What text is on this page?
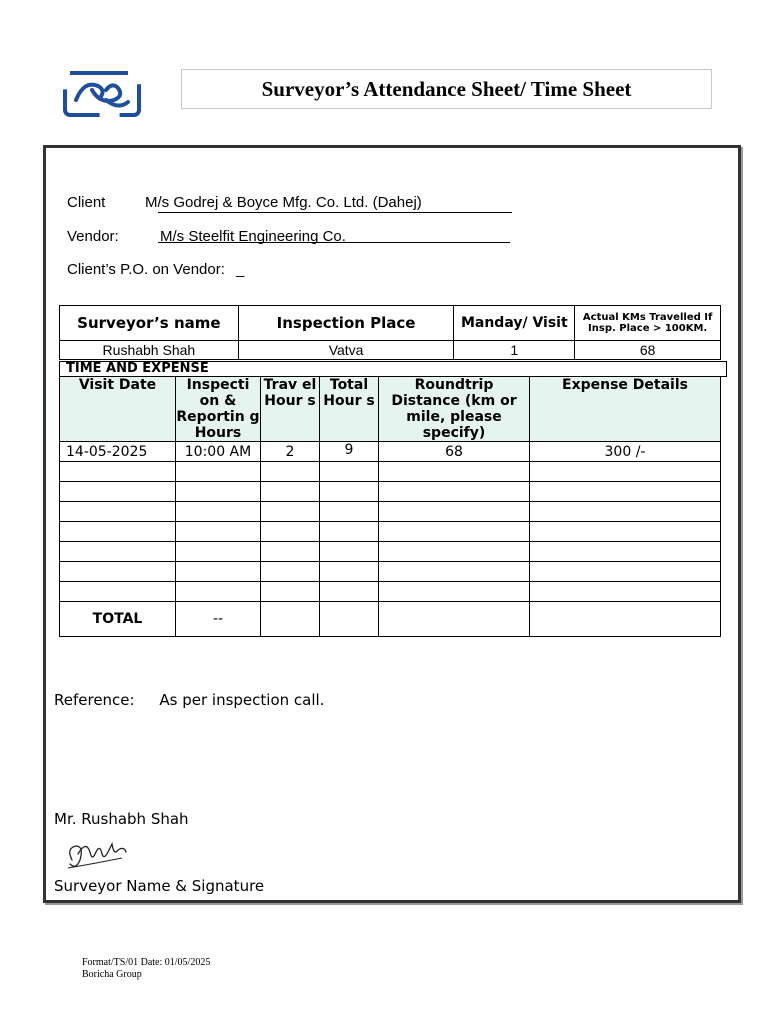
Surveyor’s Attendance Sheet/ Time Sheet
Client	M/s Godrej & Boyce Mfg. Co. Ltd. (Dahej)
Vendor:	M/s Steelfit Engineering Co.
Client’s P.O. on Vendor: _
Surveyor’s name	Inspection Place	Manday/ Visit	Actual KMs Travelled If Insp. Place > 100KM.
Rushabh Shah	Vatva	1	68
TIME AND EXPENSE
Visit Date	Inspecti on & Reportin g Hours	Trav el Hour s	Total Hour s	Roundtrip Distance (km or mile, please specify)	Expense Details
14-05-2025	10:00 AM	2	9	68	300 /-

TOTAL	--				
Reference: As per inspection call.
Mr. Rushabh Shah
Surveyor Name & Signature
Format/TS/01 Date: 01/05/2025
Boricha Group
